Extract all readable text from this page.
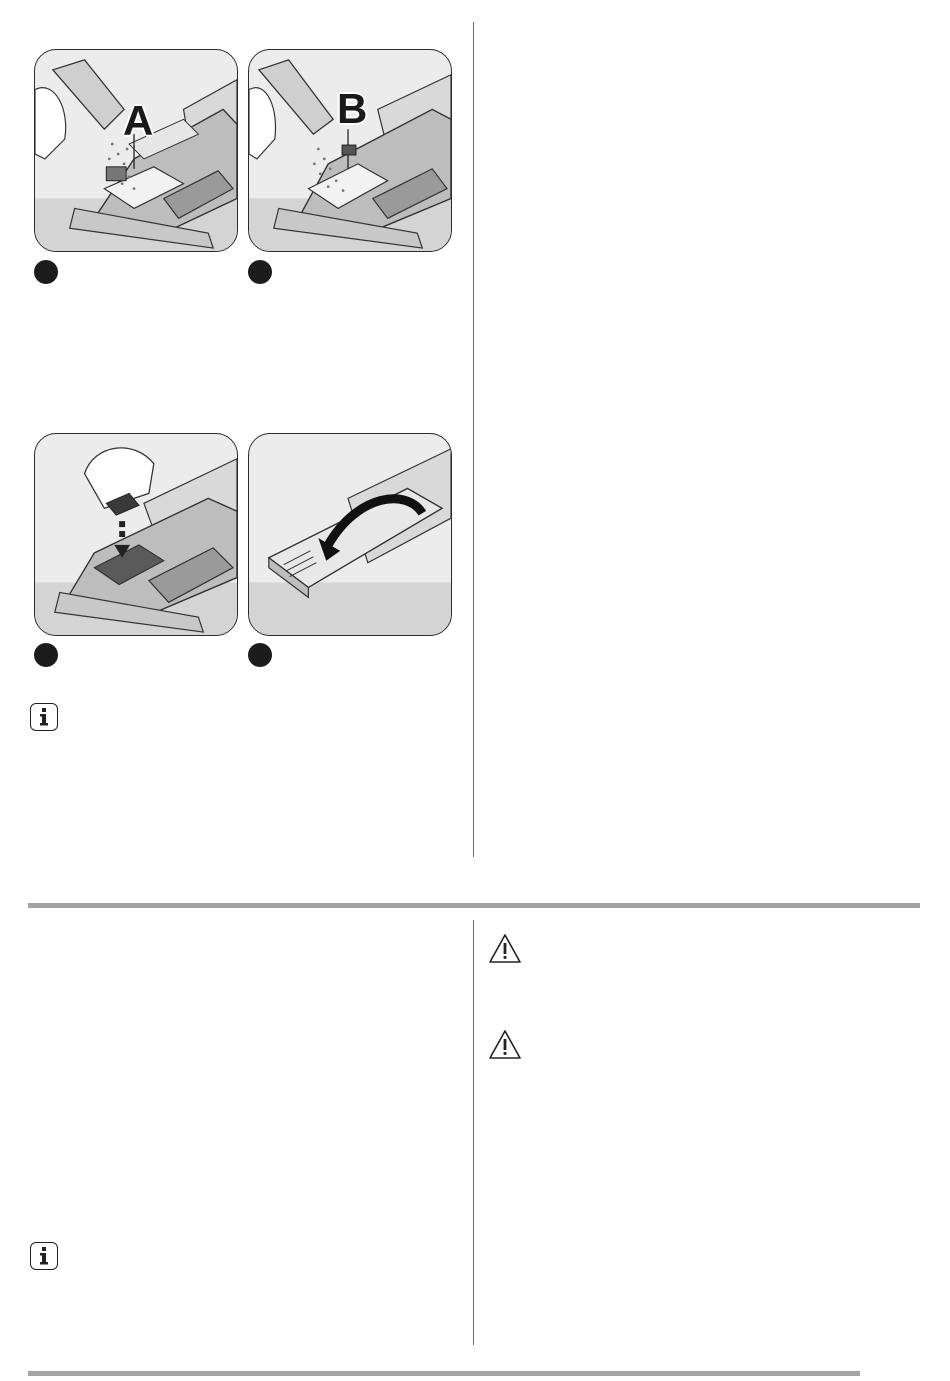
A	B
